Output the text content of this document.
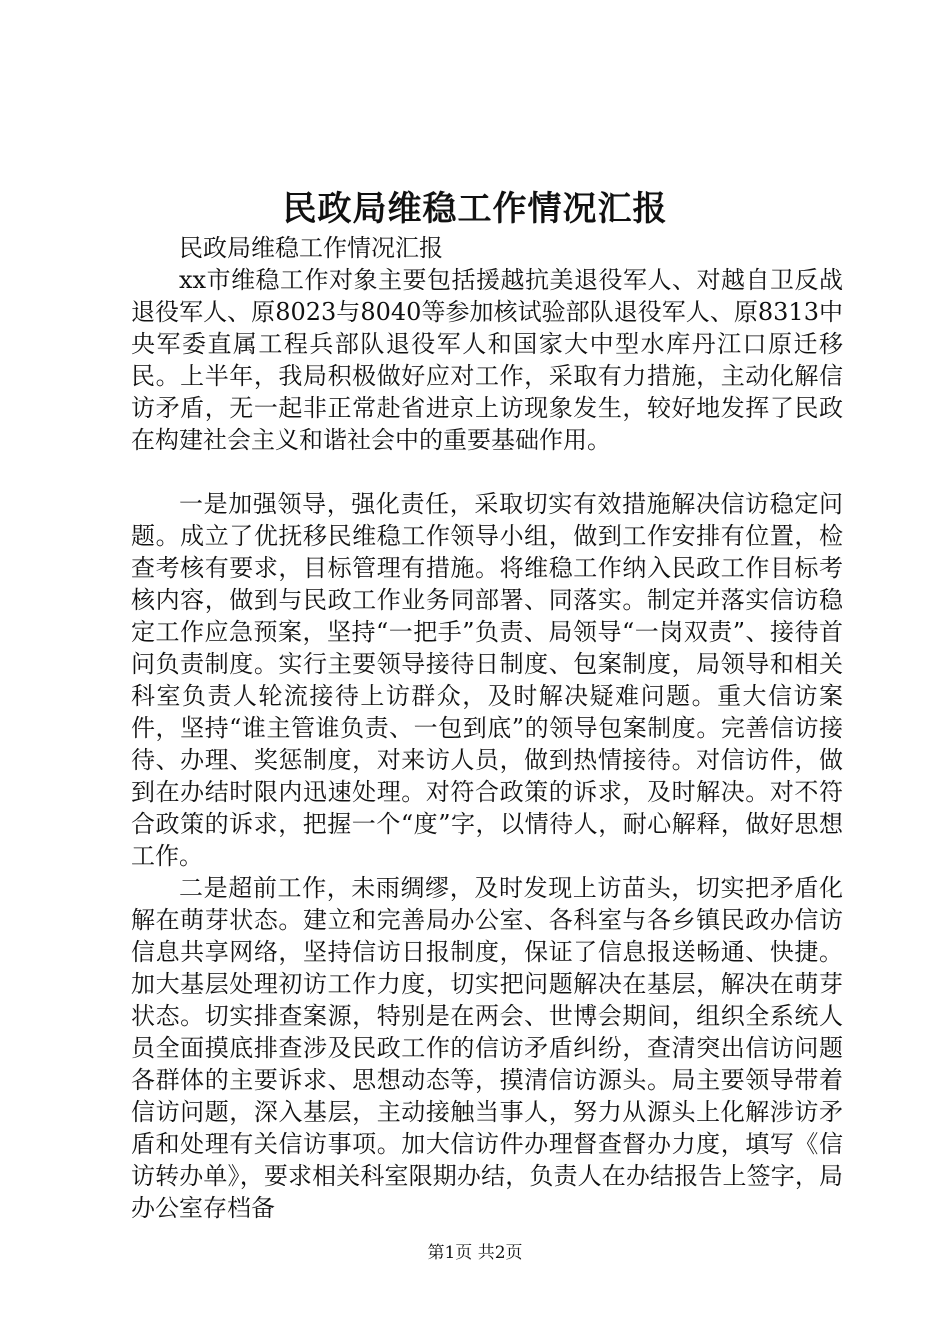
民政局维稳工作情况汇报

民政局维稳工作情况汇报

xx市维稳工作对象主要包括援越抗美退役军人、对越自卫反战退役军人、原8023与8040等参加核试验部队退役军人、原8313中央军委直属工程兵部队退役军人和国家大中型水库丹江口原迁移民。上半年，我局积极做好应对工作，采取有力措施，主动化解信访矛盾，无一起非正常赴省进京上访现象发生，较好地发挥了民政在构建社会主义和谐社会中的重要基础作用。

一是加强领导，强化责任，采取切实有效措施解决信访稳定问题。成立了优抚移民维稳工作领导小组，做到工作安排有位置，检查考核有要求，目标管理有措施。将维稳工作纳入民政工作目标考核内容，做到与民政工作业务同部署、同落实。制定并落实信访稳定工作应急预案，坚持“一把手”负责、局领导“一岗双责”、接待首问负责制度。实行主要领导接待日制度、包案制度，局领导和相关科室负责人轮流接待上访群众，及时解决疑难问题。重大信访案件，坚持“谁主管谁负责、一包到底”的领导包案制度。完善信访接待、办理、奖惩制度，对来访人员，做到热情接待。对信访件，做到在办结时限内迅速处理。对符合政策的诉求，及时解决。对不符合政策的诉求，把握一个“度”字，以情待人，耐心解释，做好思想工作。

二是超前工作，未雨绸缪，及时发现上访苗头，切实把矛盾化解在萌芽状态。建立和完善局办公室、各科室与各乡镇民政办信访信息共享网络，坚持信访日报制度，保证了信息报送畅通、快捷。加大基层处理初访工作力度，切实把问题解决在基层，解决在萌芽状态。切实排查案源，特别是在两会、世博会期间，组织全系统人员全面摸底排查涉及民政工作的信访矛盾纠纷，查清突出信访问题各群体的主要诉求、思想动态等，摸清信访源头。局主要领导带着信访问题，深入基层，主动接触当事人，努力从源头上化解涉访矛盾和处理有关信访事项。加大信访件办理督查督办力度，填写《信访转办单》，要求相关科室限期办结，负责人在办结报告上签字，局办公室存档备

第1页 共2页
